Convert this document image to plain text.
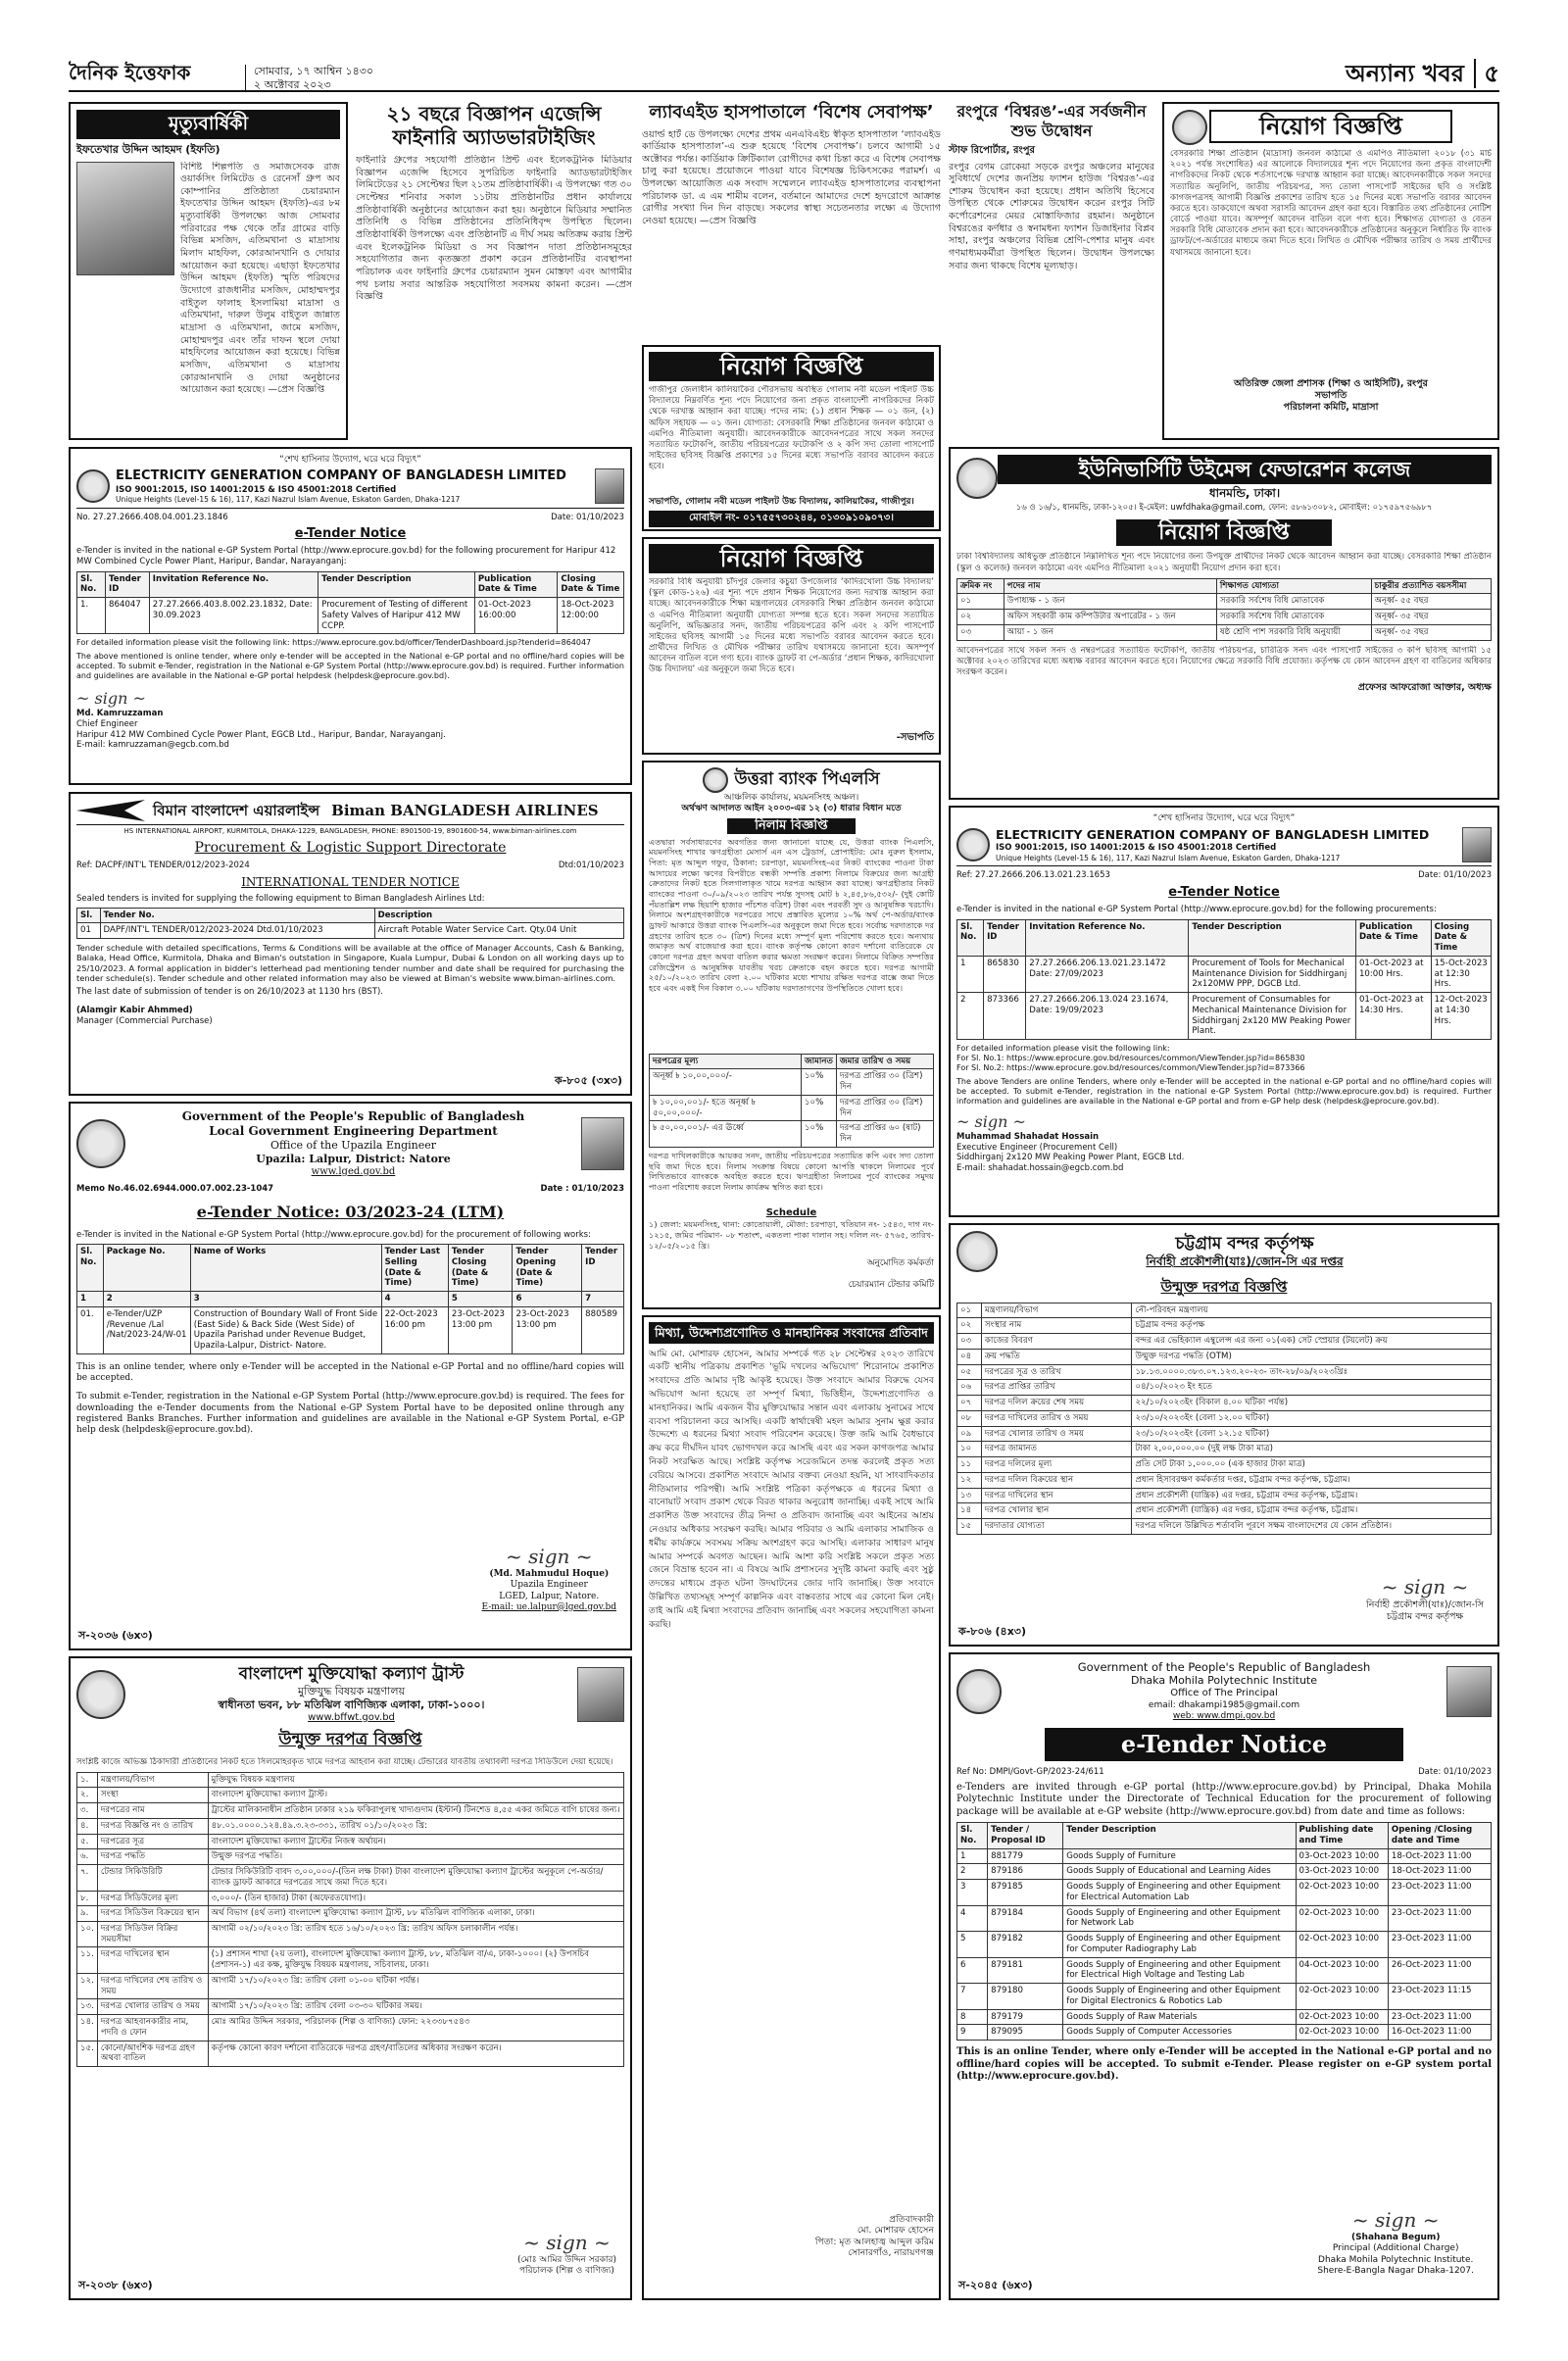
দৈনিক ইত্তেফাক	সোমবার, ১৭ আশ্বিন ১৪৩০
২ অক্টোবর ২০২৩	অন্যান্য খবর ৫
মৃত্যুবার্ষিকী
ইফতেখার উদ্দিন আহমদ (ইফতি)
বিশিষ্ট শিল্পপতি ও সমাজসেবক রাজ ওয়ার্কসিং লিমিটেড ও রেনেসাঁ গ্রুপ অব কোম্পানির প্রতিষ্ঠাতা চেয়ারম্যান ইফতেখার উদ্দিন আহমদ (ইফতি)-এর ৮ম মৃত্যুবার্ষিকী উপলক্ষ্যে আজ সোমবার পরিবারের পক্ষ থেকে তাঁর গ্রামের বাড়ি বিভিন্ন মসজিদ, এতিমখানা ও মাদ্রাসায় মিলাদ মাহফিল, কোরআনখানি ও দোয়ার আয়োজন করা হয়েছে। এছাড়া ইফতেখার উদ্দিন আহমদ (ইফতি) স্মৃতি পরিষদের উদ্যোগে রাজধানীর মসজিদ, মোহাম্মদপুর বাইতুল ফালাহ ইসলামিয়া মাদ্রাসা ও এতিমখানা, দারুল উলুম বাইতুল জান্নাত মাদ্রাসা ও এতিমখানা, জামে মসজিদ, মোহাম্মদপুর এবং তাঁর দাফন স্থলে দোয়া মাহফিলের আয়োজন করা হয়েছে। বিভিন্ন মসজিদ, এতিমখানা ও মাদ্রাসায় কোরআনখানি ও দোয়া অনুষ্ঠানের আয়োজন করা হয়েছে। —প্রেস বিজ্ঞপ্তি
২১ বছরে বিজ্ঞাপন এজেন্সি ফাইনারি অ্যাডভারটাইজিং
ফাইনারি গ্রুপের সহযোগী প্রতিষ্ঠান প্রিন্ট এবং ইলেকট্রনিক মিডিয়ার বিজ্ঞাপন এজেন্সি হিসেবে সুপরিচিত ফাইনারি অ্যাডভারটাইজিং লিমিটেডের ২১ সেপ্টেম্বর ছিল ২১তম প্রতিষ্ঠাবার্ষিকী। এ উপলক্ষ্যে গত ৩০ সেপ্টেম্বর শনিবার সকাল ১১টায় প্রতিষ্ঠানটির প্রধান কার্যালয়ে প্রতিষ্ঠাবার্ষিকী অনুষ্ঠানের আয়োজন করা হয়। অনুষ্ঠানে মিডিয়ার সম্মানিত প্রতিনিধি ও বিভিন্ন প্রতিষ্ঠানের প্রতিনিধিবৃন্দ উপস্থিত ছিলেন। প্রতিষ্ঠাবার্ষিকী উপলক্ষ্যে এবং প্রতিষ্ঠানটি এ দীর্ঘ সময় অতিক্রম করায় প্রিন্ট এবং ইলেকট্রনিক মিডিয়া ও সব বিজ্ঞাপন দাতা প্রতিষ্ঠানসমূহের সহযোগিতার জন্য কৃতজ্ঞতা প্রকাশ করেন প্রতিষ্ঠানটির ব্যবস্থাপনা পরিচালক এবং ফাইনারি গ্রুপের চেয়ারম্যান সুমন মোস্তফা এবং আগামীর পথ চলায় সবার আন্তরিক সহযোগিতা সবসময় কামনা করেন। —প্রেস বিজ্ঞপ্তি
ল্যাবএইড হাসপাতালে ‘বিশেষ সেবাপক্ষ’
ওয়ার্ল্ড হার্ট ডে উপলক্ষ্যে দেশের প্রথম এনএবিএইচ স্বীকৃত হাসপাতাল ‘ল্যাবএইড কার্ডিয়াক হাসপাতাল’-এ শুরু হয়েছে ‘বিশেষ সেবাপক্ষ’। চলবে আগামী ১৫ অক্টোবর পর্যন্ত। কার্ডিয়াক ক্রিটিক্যাল রোগীদের কথা চিন্তা করে এ বিশেষ সেবাপক্ষ চালু করা হয়েছে। প্রয়োজনে পাওয়া যাবে বিশেষজ্ঞ চিকিৎসকের পরামর্শ। এ উপলক্ষ্যে আয়োজিত এক সংবাদ সম্মেলনে ল্যাবএইড হাসপাতালের ব্যবস্থাপনা পরিচালক ডা. এ এম শামীম বলেন, বর্তমানে আমাদের দেশে হৃদরোগে আক্রান্ত রোগীর সংখ্যা দিন দিন বাড়ছে। সকলের স্বাস্থ্য সচেতনতার লক্ষ্যে এ উদ্যোগ নেওয়া হয়েছে। —প্রেস বিজ্ঞপ্তি
রংপুরে ‘বিশ্বরঙ’-এর সর্বজনীন শুভ উদ্বোধন
স্টাফ রিপোর্টার, রংপুর
রংপুর বেগম রোকেয়া সড়কে রংপুর অঞ্চলের মানুষের সুবিধার্থে দেশের জনপ্রিয় ফ্যাশন হাউজ ‘বিশ্বরঙ’-এর শোরুম উদ্বোধন করা হয়েছে। প্রধান অতিথি হিসেবে উপস্থিত থেকে শোরুমের উদ্বোধন করেন রংপুর সিটি কর্পোরেশনের মেয়র মোস্তাফিজার রহমান। অনুষ্ঠানে বিশ্বরঙের কর্ণধার ও স্বনামধন্য ফ্যাশন ডিজাইনার বিপ্লব সাহা, রংপুর অঞ্চলের বিভিন্ন শ্রেণি-পেশার মানুষ এবং গণমাধ্যমকর্মীরা উপস্থিত ছিলেন। উদ্বোধন উপলক্ষ্যে সবার জন্য থাকছে বিশেষ মূল্যছাড়।
নিয়োগ বিজ্ঞপ্তি
বেসরকারি শিক্ষা প্রতিষ্ঠান (মাদ্রাসা) জনবল কাঠামো ও এমপিও নীতিমালা ২০১৮ (৩১ মার্চ ২০২১ পর্যন্ত সংশোধিত) এর আলোকে বিদ্যালয়ের শূন্য পদে নিয়োগের জন্য প্রকৃত বাংলাদেশী নাগরিকদের নিকট থেকে শর্তসাপেক্ষে দরখাস্ত আহ্বান করা যাচ্ছে। আবেদনকারীকে সকল সনদের সত্যায়িত অনুলিপি, জাতীয় পরিচয়পত্র, সদ্য তোলা পাসপোর্ট সাইজের ছবি ও সংশ্লিষ্ট কাগজপত্রসহ আগামী বিজ্ঞপ্তি প্রকাশের তারিখ হতে ১৫ দিনের মধ্যে সভাপতি বরাবর আবেদন করতে হবে। ডাকযোগে অথবা সরাসরি আবেদন গ্রহণ করা হবে। বিস্তারিত তথ্য প্রতিষ্ঠানের নোটিশ বোর্ডে পাওয়া যাবে। অসম্পূর্ণ আবেদন বাতিল বলে গণ্য হবে। শিক্ষাগত যোগ্যতা ও বেতন সরকারি বিধি মোতাবেক প্রদান করা হবে। আবেদনকারীকে প্রতিষ্ঠানের অনুকূলে নির্ধারিত ফি ব্যাংক ড্রাফট/পে-অর্ডারের মাধ্যমে জমা দিতে হবে। লিখিত ও মৌখিক পরীক্ষার তারিখ ও সময় প্রার্থীদের যথাসময়ে জানানো হবে।
অতিরিক্ত জেলা প্রশাসক (শিক্ষা ও আইসিটি), রংপুর
সভাপতি
পরিচালনা কমিটি, মাদ্রাসা
নিয়োগ বিজ্ঞপ্তি
গাজীপুর জেলাধীন কালিয়াকৈর পৌরসভায় অবস্থিত গোলাম নবী মডেল পাইলট উচ্চ বিদ্যালয়ে নিম্নবর্ণিত শূন্য পদে নিয়োগের জন্য প্রকৃত বাংলাদেশী নাগরিকদের নিকট থেকে দরখাস্ত আহ্বান করা যাচ্ছে। পদের নাম: (১) প্রধান শিক্ষক — ০১ জন, (২) অফিস সহায়ক — ০১ জন। যোগ্যতা: বেসরকারি শিক্ষা প্রতিষ্ঠানের জনবল কাঠামো ও এমপিও নীতিমালা অনুযায়ী। আবেদনকারীকে আবেদনপত্রের সাথে সকল সনদের সত্যায়িত ফটোকপি, জাতীয় পরিচয়পত্রের ফটোকপি ও ২ কপি সদ্য তোলা পাসপোর্ট সাইজের ছবিসহ বিজ্ঞপ্তি প্রকাশের ১৫ দিনের মধ্যে সভাপতি বরাবর আবেদন করতে হবে।
সভাপতি, গোলাম নবী মডেল পাইলট উচ্চ বিদ্যালয়, কালিয়াকৈর, গাজীপুর।
মোবাইল নং- ০১৭৫৫৭৩০২৪৪, ০১৩০৯১০৯০৭৩।
“শেখ হাসিনার উদ্যোগ, ঘরে ঘরে বিদ্যুৎ”
ELECTRICITY GENERATION COMPANY OF BANGLADESH LIMITED
ISO 9001:2015, ISO 14001:2015 & ISO 45001:2018 Certified
Unique Heights (Level-15 & 16), 117, Kazi Nazrul Islam Avenue, Eskaton Garden, Dhaka-1217
No. 27.27.2666.408.04.001.23.1846	Date: 01/10/2023
e-Tender Notice
e-Tender is invited in the national e-GP System Portal (http://www.eprocure.gov.bd) for the following procurement for Haripur 412 MW Combined Cycle Power Plant, Haripur, Bandar, Narayanganj:
Sl. No.	Tender ID	Invitation Reference No.	Tender Description	Publication Date & Time	Closing Date & Time
1.	864047	27.27.2666.403.8.002.23.1832, Date: 30.09.2023	Procurement of Testing of different Safety Valves of Haripur 412 MW CCPP.	01-Oct-2023 16:00:00	18-Oct-2023 12:00:00
For detailed information please visit the following link: https://www.eprocure.gov.bd/officer/TenderDashboard.jsp?tenderid=864047
The above mentioned is online tender, where only e-tender will be accepted in the National e-GP portal and no offline/hard copies will be accepted. To submit e-Tender, registration in the National e-GP System Portal (http://www.eprocure.gov.bd) is required. Further information and guidelines are available in the National e-GP portal helpdesk (helpdesk@eprocure.gov.bd).
~ sign ~
Md. Kamruzzaman
Chief Engineer
Haripur 412 MW Combined Cycle Power Plant, EGCB Ltd., Haripur, Bandar, Narayanganj.
E-mail: kamruzzaman@egcb.com.bd
নিয়োগ বিজ্ঞপ্তি
সরকারি বিধি অনুযায়ী চাঁদপুর জেলার কচুয়া উপজেলার ‘কাদিরখোলা উচ্চ বিদ্যালয়’ (স্কুল কোড-১২৬) এর শূন্য পদে প্রধান শিক্ষক নিয়োগের জন্য দরখাস্ত আহ্বান করা যাচ্ছে। আবেদনকারীকে শিক্ষা মন্ত্রণালয়ের বেসরকারি শিক্ষা প্রতিষ্ঠান জনবল কাঠামো ও এমপিও নীতিমালা অনুযায়ী যোগ্যতা সম্পন্ন হতে হবে। সকল সনদের সত্যায়িত অনুলিপি, অভিজ্ঞতার সনদ, জাতীয় পরিচয়পত্রের কপি এবং ২ কপি পাসপোর্ট সাইজের ছবিসহ আগামী ১৫ দিনের মধ্যে সভাপতি বরাবর আবেদন করতে হবে। প্রার্থীদের লিখিত ও মৌখিক পরীক্ষার তারিখ যথাসময়ে জানানো হবে। অসম্পূর্ণ আবেদন বাতিল বলে গণ্য হবে। ব্যাংক ড্রাফট বা পে-অর্ডার ‘প্রধান শিক্ষক, কাদিরখোলা উচ্চ বিদ্যালয়’ এর অনুকূলে জমা দিতে হবে।
-সভাপতি
ইউনিভার্সিটি উইমেন্স ফেডারেশন কলেজ
ধানমন্ডি, ঢাকা।
১৬ ও ১৬/১, ধানমন্ডি, ঢাকা-১২০৫। ই-মেইল: uwfdhaka@gmail.com, ফোন: ৫৮৬১৩০৮২, মোবাইল: ০১৭৫৯৭৫৬৯৮৭
নিয়োগ বিজ্ঞপ্তি
ঢাকা বিশ্ববিদ্যালয় অধিভুক্ত প্রতিষ্ঠানে নিম্নলিখিত শূন্য পদে নিয়োগের জন্য উপযুক্ত প্রার্থীদের নিকট থেকে আবেদন আহ্বান করা যাচ্ছে। বেসরকারি শিক্ষা প্রতিষ্ঠান (স্কুল ও কলেজ) জনবল কাঠামো এবং এমপিও নীতিমালা ২০২১ অনুযায়ী নিয়োগ প্রদান করা হবে।
ক্রমিক নং	পদের নাম	শিক্ষাগত যোগ্যতা	চাকুরীর প্রত্যাশিত বয়সসীমা
০১	উপাধ্যক্ষ - ১ জন	সরকারি সর্বশেষ বিধি মোতাবেক	অনূর্ধ্ব- ৫৫ বছর
০২	অফিস সহকারী কাম কম্পিউটার অপারেটর - ১ জন	সরকারি সর্বশেষ বিধি মোতাবেক	অনূর্ধ্ব- ৩৫ বছর
০৩	আয়া - ১ জন	ষষ্ঠ শ্রেণি পাশ সরকারি বিধি অনুযায়ী	অনূর্ধ্ব- ৩৫ বছর
আবেদনপত্রের সাথে সকল সনদ ও নম্বরপত্রের সত্যায়িত ফটোকপি, জাতীয় পরিচয়পত্র, চারিত্রিক সনদ এবং পাসপোর্ট সাইজের ৩ কপি ছবিসহ আগামী ১৫ অক্টোবর ২০২৩ তারিখের মধ্যে অধ্যক্ষ বরাবর আবেদন করতে হবে। নিয়োগের ক্ষেত্রে সরকারি বিধি প্রযোজ্য। কর্তৃপক্ষ যে কোন আবেদন গ্রহণ বা বাতিলের অধিকার সংরক্ষণ করেন।
প্রফেসর আফরোজা আক্তার, অধ্যক্ষ
বিমান বাংলাদেশ এয়ারলাইন্স Biman BANGLADESH AIRLINES
HS INTERNATIONAL AIRPORT, KURMITOLA, DHAKA-1229, BANGLADESH, PHONE: 8901500-19, 8901600-54, www.biman-airlines.com
Procurement & Logistic Support Directorate
Ref: DACPF/INT'L TENDER/012/2023-2024	Dtd:01/10/2023
INTERNATIONAL TENDER NOTICE
Sealed tenders is invited for supplying the following equipment to Biman Bangladesh Airlines Ltd:
Sl.	Tender No.	Description
01	DAPF/INT'L TENDER/012/2023-2024 Dtd.01/10/2023	Aircraft Potable Water Service Cart. Qty.04 Unit
Tender schedule with detailed specifications, Terms & Conditions will be available at the office of Manager Accounts, Cash & Banking, Balaka, Head Office, Kurmitola, Dhaka and Biman's outstation in Singapore, Kuala Lumpur, Dubai & London on all working days up to 25/10/2023. A formal application in bidder's letterhead pad mentioning tender number and date shall be required for purchasing the tender schedule(s). Tender schedule and other related information may also be viewed at Biman's website www.biman-airlines.com.
The last date of submission of tender is on 26/10/2023 at 1130 hrs (BST).
(Alamgir Kabir Ahmmed)
Manager (Commercial Purchase)
ক-৮০৫ (৩x৩)
উত্তরা ব্যাংক পিএলসি
আঞ্চলিক কার্যালয়, ময়মনসিংহ অঞ্চল।
অর্থঋণ আদালত আইন ২০০৩-এর ১২ (৩) ধারার বিধান মতে
নিলাম বিজ্ঞপ্তি
এতদ্বারা সর্বসাধারণের অবগতির জন্য জানানো যাচ্ছে যে, উত্তরা ব্যাংক পিএলসি, ময়মনসিংহ শাখার ঋণগ্রহীতা মেসার্স এন এস ট্রেডার্স, প্রোপাইটর: মোঃ নুরুল ইসলাম, পিতা: মৃত আব্দুল গফুর, ঠিকানা: চরপাড়া, ময়মনসিংহ-এর নিকট ব্যাংকের পাওনা টাকা আদায়ের লক্ষ্যে ঋণের বিপরীতে বন্ধকী সম্পত্তি প্রকাশ্য নিলামে বিক্রয়ের জন্য আগ্রহী ক্রেতাদের নিকট হতে সিলগালাকৃত খামে দরপত্র আহ্বান করা যাচ্ছে। ঋণগ্রহীতার নিকট ব্যাংকের পাওনা ৩০/০৯/২০২৩ তারিখ পর্যন্ত সুদসহ মোট ৳ ২,৪৫,৮৬,৫৩২/- (দুই কোটি পঁয়তাল্লিশ লক্ষ ছিয়াশি হাজার পাঁচশত বত্রিশ) টাকা এবং পরবর্তী সুদ ও আনুষঙ্গিক খরচাদি। নিলামে অংশগ্রহণকারীকে দরপত্রের সাথে প্রস্তাবিত মূল্যের ১০% অর্থ পে-অর্ডার/ব্যাংক ড্রাফট আকারে উত্তরা ব্যাংক পিএলসি-এর অনুকূলে জমা দিতে হবে। সর্বোচ্চ দরদাতাকে দর গ্রহণের তারিখ হতে ৩০ (ত্রিশ) দিনের মধ্যে সম্পূর্ণ মূল্য পরিশোধ করতে হবে। অন্যথায় জমাকৃত অর্থ বাজেয়াপ্ত করা হবে। ব্যাংক কর্তৃপক্ষ কোনো কারণ দর্শানো ব্যতিরেকে যে কোনো দরপত্র গ্রহণ অথবা বাতিল করার ক্ষমতা সংরক্ষণ করেন। নিলামে বিক্রিত সম্পত্তির রেজিস্ট্রেশন ও আনুষঙ্গিক যাবতীয় খরচ ক্রেতাকে বহন করতে হবে। দরপত্র আগামী ২৫/১০/২০২৩ তারিখ বেলা ২.০০ ঘটিকার মধ্যে শাখায় রক্ষিত দরপত্র বাক্সে জমা দিতে হবে এবং একই দিন বিকাল ৩.০০ ঘটিকায় দরদাতাগণের উপস্থিতিতে খোলা হবে।
দরপত্রের মূল্য	জামানত	জমার তারিখ ও সময়
অনূর্ধ্ব ৳ ১০,০০,০০০/-	১০%	দরপত্র প্রাপ্তির ৩০ (ত্রিশ) দিন
৳ ১০,০০,০০১/- হতে অনূর্ধ্ব ৳ ৫০,০০,০০০/-	১০%	দরপত্র প্রাপ্তির ৩০ (ত্রিশ) দিন
৳ ৫০,০০,০০১/- এর ঊর্ধ্বে	১০%	দরপত্র প্রাপ্তির ৬০ (ষাট) দিন
দরপত্র দাখিলকারীকে আয়কর সনদ, জাতীয় পরিচয়পত্রের সত্যায়িত কপি এবং সদ্য তোলা ছবি জমা দিতে হবে। নিলাম সংক্রান্ত বিষয়ে কোনো আপত্তি থাকলে নিলামের পূর্বে লিখিতভাবে ব্যাংককে অবহিত করতে হবে। ঋণগ্রহীতা নিলামের পূর্বে ব্যাংকের সমুদয় পাওনা পরিশোধ করলে নিলাম কার্যক্রম স্থগিত করা হবে।
Schedule
১) জেলা: ময়মনসিংহ, থানা: কোতোয়ালী, মৌজা: চরপাড়া, খতিয়ান নং- ১৫৪৩, দাগ নং- ১২১৫, জমির পরিমাণ- ০৮ শতাংশ, একতলা পাকা দালান সহ। দলিল নং- ৫৭৬৫, তারিখ- ১২/০৫/২০১৫ খ্রি।
অনুমোদিত কর্মকর্তা
চেয়ারম্যান টেন্ডার কমিটি
“শেখ হাসিনার উদ্যোগ, ঘরে ঘরে বিদ্যুৎ”
ELECTRICITY GENERATION COMPANY OF BANGLADESH LIMITED
ISO 9001:2015, ISO 14001:2015 & ISO 45001:2018 Certified
Unique Heights (Level-15 & 16), 117, Kazi Nazrul Islam Avenue, Eskaton Garden, Dhaka-1217
Ref: 27.27.2666.206.13.021.23.1653	Date: 01/10/2023
e-Tender Notice
e-Tender is invited in the national e-GP System Portal (http://www.eprocure.gov.bd) for the following procurements:
Sl. No.	Tender ID	Invitation Reference No.	Tender Description	Publication Date & Time	Closing Date & Time
1	865830	27.27.2666.206.13.021.23.1472 Date: 27/09/2023	Procurement of Tools for Mechanical Maintenance Division for Siddhirganj 2x120MW PPP, DGCB Ltd.	01-Oct-2023 at 10:00 Hrs.	15-Oct-2023 at 12:30 Hrs.
2	873366	27.27.2666.206.13.024 23.1674, Date: 19/09/2023	Procurement of Consumables for Mechanical Maintenance Division for Siddhirganj 2x120 MW Peaking Power Plant.	01-Oct-2023 at 14:30 Hrs.	12-Oct-2023 at 14:30 Hrs.
For detailed information please visit the following link:
For Sl. No.1: https://www.eprocure.gov.bd/resources/common/ViewTender.jsp?id=865830
For Sl. No.2: https://www.eprocure.gov.bd/resources/common/ViewTender.jsp?id=873366
The above Tenders are online Tenders, where only e-Tender will be accepted in the national e-GP portal and no offline/hard copies will be accepted. To submit e-Tender, registration in the national e-GP System Portal (http://www.eprocure.gov.bd) is required. Further information and guidelines are available in the National e-GP portal and from e-GP help desk (helpdesk@eprocure.gov.bd).
~ sign ~
Muhammad Shahadat Hossain
Executive Engineer (Procurement Cell)
Siddhirganj 2x120 MW Peaking Power Plant, EGCB Ltd.
E-mail: shahadat.hossain@egcb.com.bd
Government of the People's Republic of Bangladesh
Local Government Engineering Department
Office of the Upazila Engineer
Upazila: Lalpur, District: Natore
www.lged.gov.bd
Memo No.46.02.6944.000.07.002.23-1047	Date : 01/10/2023
e-Tender Notice: 03/2023-24 (LTM)
e-Tender is invited in the National e-GP System Portal (http://www.eprocure.gov.bd) for the procurement of following works:
Sl. No.	Package No.	Name of Works	Tender Last Selling (Date & Time)	Tender Closing (Date & Time)	Tender Opening (Date & Time)	Tender ID
1	2	3	4	5	6	7
01.	e-Tender/UZP /Revenue /Lal /Nat/2023-24/W-01	Construction of Boundary Wall of Front Side (East Side) & Back Side (West Side) of Upazila Parishad under Revenue Budget, Upazila-Lalpur, District- Natore.	22-Oct-2023 16:00 pm	23-Oct-2023 13:00 pm	23-Oct-2023 13:00 pm	880589
This is an online tender, where only e-Tender will be accepted in the National e-GP Portal and no offline/hard copies will be accepted.
To submit e-Tender, registration in the National e-GP System Portal (http://www.eprocure.gov.bd) is required. The fees for downloading the e-Tender documents from the National e-GP System Portal have to be deposited online through any registered Banks Branches. Further information and guidelines are available in the National e-GP System Portal, e-GP help desk (helpdesk@eprocure.gov.bd).
~ sign ~
(Md. Mahmudul Hoque)
Upazila Engineer
LGED, Lalpur, Natore.
E-mail: ue.lalpur@lged.gov.bd
স-২০৩৬ (৬x৩)
চট্টগ্রাম বন্দর কর্তৃপক্ষ
নির্বাহী প্রকৌশলী(যাঃ)/জোন-সি এর দপ্তর
উন্মুক্ত দরপত্র বিজ্ঞপ্তি
০১	মন্ত্রণালয়/বিভাগ	নৌ-পরিবহন মন্ত্রণালয়
০২	সংস্থার নাম	চট্টগ্রাম বন্দর কর্তৃপক্ষ
০৩	কাজের বিবরণ	বন্দর এর ভেহিক্যাল এম্বুলেন্স এর জন্য ০১(এক) সেট স্প্রেয়ার (টয়লেট) ক্রয়
০৪	ক্রয় পদ্ধতি	উন্মুক্ত দরপত্র পদ্ধতি (OTM)
০৫	দরপত্রের সূত্র ও তারিখ	১৮.১৩.০০০০.৩৮৩.০৭.১২৩.২০-২৩- তাং-২৮/০৯/২০২৩খ্রিঃ
০৬	দরপত্র প্রাপ্তির তারিখ	০৪/১০/২০২৩ ইং হতে
০৭	দরপত্র দলিল ক্রয়ের শেষ সময়	২২/১০/২০২৩ইং (বিকাল ৪.০০ ঘটিকা পর্যন্ত)
০৮	দরপত্র দাখিলের তারিখ ও সময়	২৩/১০/২০২৩ইং (বেলা ১২.০০ ঘটিকা)
০৯	দরপত্র খোলার তারিখ ও সময়	২৩/১০/২০২৩ইং (বেলা ১২.১৫ ঘটিকা)
১০	দরপত্র জামানত	টাকা ২,০০,০০০.০০ (দুই লক্ষ টাকা মাত্র)
১১	দরপত্র দলিলের মূল্য	প্রতি সেট টাকা ১,০০০.০০ (এক হাজার টাকা মাত্র)
১২	দরপত্র দলিল বিক্রয়ের স্থান	প্রধান হিসাবরক্ষণ কর্মকর্তার দপ্তর, চট্টগ্রাম বন্দর কর্তৃপক্ষ, চট্টগ্রাম।
১৩	দরপত্র দাখিলের স্থান	প্রধান প্রকৌশলী (যান্ত্রিক) এর দপ্তর, চট্টগ্রাম বন্দর কর্তৃপক্ষ, চট্টগ্রাম।
১৪	দরপত্র খোলার স্থান	প্রধান প্রকৌশলী (যান্ত্রিক) এর দপ্তর, চট্টগ্রাম বন্দর কর্তৃপক্ষ, চট্টগ্রাম।
১৫	দরদাতার যোগ্যতা	দরপত্র দলিলে উল্লিখিত শর্তাবলি পূরণে সক্ষম বাংলাদেশের যে কোন প্রতিষ্ঠান।
~ sign ~
নির্বাহী প্রকৌশলী(যাঃ)/জোন-সি
চট্টগ্রাম বন্দর কর্তৃপক্ষ
ক-৮০৬ (৪x৩)
মিথ্যা, উদ্দেশ্যপ্রণোদিত ও মানহানিকর সংবাদের প্রতিবাদ
আমি মো. মোশারফ হোসেন, আমার সম্পর্কে গত ২৮ সেপ্টেম্বর ২০২৩ তারিখে একটি স্থানীয় পত্রিকায় প্রকাশিত ‘ভূমি দখলের অভিযোগ’ শিরোনামে প্রকাশিত সংবাদের প্রতি আমার দৃষ্টি আকৃষ্ট হয়েছে। উক্ত সংবাদে আমার বিরুদ্ধে যেসব অভিযোগ আনা হয়েছে তা সম্পূর্ণ মিথ্যা, ভিত্তিহীন, উদ্দেশ্যপ্রণোদিত ও মানহানিকর। আমি একজন বীর মুক্তিযোদ্ধার সন্তান এবং এলাকায় সুনামের সাথে ব্যবসা পরিচালনা করে আসছি। একটি স্বার্থান্বেষী মহল আমার সুনাম ক্ষুণ্ণ করার উদ্দেশ্যে এ ধরনের মিথ্যা সংবাদ পরিবেশন করেছে। উক্ত জমি আমি বৈধভাবে ক্রয় করে দীর্ঘদিন যাবৎ ভোগদখল করে আসছি এবং এর সকল কাগজপত্র আমার নিকট সংরক্ষিত আছে। সংশ্লিষ্ট কর্তৃপক্ষ সরেজমিনে তদন্ত করলেই প্রকৃত সত্য বেরিয়ে আসবে। প্রকাশিত সংবাদে আমার বক্তব্য নেওয়া হয়নি, যা সাংবাদিকতার নীতিমালার পরিপন্থী। আমি সংশ্লিষ্ট পত্রিকা কর্তৃপক্ষকে এ ধরনের মিথ্যা ও বানোয়াট সংবাদ প্রকাশ থেকে বিরত থাকার অনুরোধ জানাচ্ছি। একই সাথে আমি প্রকাশিত উক্ত সংবাদের তীব্র নিন্দা ও প্রতিবাদ জানাচ্ছি এবং আইনের আশ্রয় নেওয়ার অধিকার সংরক্ষণ করছি। আমার পরিবার ও আমি এলাকার সামাজিক ও ধর্মীয় কার্যক্রমে সবসময় সক্রিয় অংশগ্রহণ করে আসছি। এলাকার সাধারণ মানুষ আমার সম্পর্কে অবগত আছেন। আমি আশা করি সংশ্লিষ্ট সকলে প্রকৃত সত্য জেনে বিভ্রান্ত হবেন না। এ বিষয়ে আমি প্রশাসনের সুদৃষ্টি কামনা করছি এবং সুষ্ঠু তদন্তের মাধ্যমে প্রকৃত ঘটনা উদঘাটনের জোর দাবি জানাচ্ছি। উক্ত সংবাদে উল্লিখিত তথ্যসমূহ সম্পূর্ণ কাল্পনিক এবং বাস্তবতার সাথে এর কোনো মিল নেই। তাই আমি এই মিথ্যা সংবাদের প্রতিবাদ জানাচ্ছি এবং সকলের সহযোগিতা কামনা করছি।
প্রতিবাদকারী
মো. মোশারফ হোসেন
পিতা: মৃত আলহাজ্ব আব্দুল করিম
সোনারগাঁও, নারায়ণগঞ্জ
বাংলাদেশ মুক্তিযোদ্ধা কল্যাণ ট্রাস্ট
মুক্তিযুদ্ধ বিষয়ক মন্ত্রণালয়
স্বাধীনতা ভবন, ৮৮ মতিঝিল বাণিজ্যিক এলাকা, ঢাকা-১০০০।
www.bffwt.gov.bd
উন্মুক্ত দরপত্র বিজ্ঞপ্তি
সংশ্লিষ্ট কাজে অভিজ্ঞ ঠিকাদারী প্রতিষ্ঠানের নিকট হতে সিলমোহরকৃত খামে দরপত্র আহবান করা যাচ্ছে। টেন্ডারের যাবতীয় তথ্যাবলী দরপত্র সিডিউলে দেয়া হয়েছে।
১.	মন্ত্রণালয়/বিভাগ	মুক্তিযুদ্ধ বিষয়ক মন্ত্রণালয়
২.	সংস্থা	বাংলাদেশ মুক্তিযোদ্ধা কল্যাণ ট্রাস্ট।
৩.	দরপত্রের নাম	ট্রাস্টের মালিকানাধীন প্রতিষ্ঠান ঢাকার ২১৯ ফকিরাপুলস্থ খাদ্যগুদাম (ইস্টার্ন) টিনশেড ৪,৫৫ একর জমিতে বাগি চাষের জন্য।
৪.	দরপত্র বিজ্ঞপ্তি নং ও তারিখ	৪৮.০১.০০০০.১২৪.৪৯.৩.২৩-৩৩১, তারিখ ০১/১০/২০২৩ খ্রি:
৫.	দরপত্রের সূত্র	বাংলাদেশ মুক্তিযোদ্ধা কল্যাণ ট্রাস্টের নিজস্ব অর্থায়ন।
৬.	দরপত্র পদ্ধতি	উন্মুক্ত দরপত্র পদ্ধতি।
৭.	টেন্ডার সিকিউরিটি	টেন্ডার সিকিউরিটি বাবদ ৩,০০,০০০/-(তিন লক্ষ টাকা) টাকা বাংলাদেশ মুক্তিযোদ্ধা কল্যাণ ট্রাস্টের অনুকূলে পে-অর্ডার/ব্যাংক ড্রাফট আকারে দরপত্রের সাথে জমা দিতে হবে।
৮.	দরপত্র সিডিউলের মূল্য	৩,০০০/- (তিন হাজার) টাকা (অফেরতযোগ্য)।
৯.	দরপত্র সিডিউল বিক্রয়ের স্থান	অর্থ বিভাগ (৪র্থ তলা) বাংলাদেশ মুক্তিযোদ্ধা কল্যাণ ট্রাস্ট, ৮৮ মতিঝিল বাণিজ্যিক এলাকা, ঢাকা।
১০.	দরপত্র সিডিউল বিক্রির সময়সীমা	আগামী ০২/১০/২০২৩ খ্রি: তারিখ হতে ১৬/১০/২০২৩ খ্রি: তারিখ অফিস চলাকালীন পর্যন্ত।
১১.	দরপত্র দাখিলের স্থান	(১) প্রশাসন শাখা (২য় তলা), বাংলাদেশ মুক্তিযোদ্ধা কল্যাণ ট্রাস্ট, ৮৮, মতিঝিল বা/এ, ঢাকা-১০০০। (২) উপসচিব (প্রশাসন-১) এর কক্ষ, মুক্তিযুদ্ধ বিষয়ক মন্ত্রণালয়, সচিবালয়, ঢাকা।
১২.	দরপত্র দাখিলের শেষ তারিখ ও সময়	আগামী ১৭/১০/২০২৩ খ্রি: তারিখ বেলা ০১-০০ ঘটিকা পর্যন্ত।
১৩.	দরপত্র খোলার তারিখ ও সময়	আগামী ১৭/১০/২০২৩ খ্রি: তারিখ বেলা ০৩-৩০ ঘটিকার সময়।
১৪.	দরপত্র আহবানকারীর নাম, পদবি ও ফোন	মোঃ আমির উদ্দিন সরকার, পরিচালক (শিল্প ও বাণিজ্য) ফোন: ২২৩৩৮৭৫৪৩
১৫.	কোনো/আংশিক দরপত্র গ্রহণ অথবা বাতিল	কর্তৃপক্ষ কোনো কারণ দর্শানো ব্যতিরেকে দরপত্র গ্রহণ/বাতিলের অধিকার সংরক্ষণ করেন।
~ sign ~
(মোঃ আমির উদ্দিন সরকার)
পরিচালক (শিল্প ও বাণিজ্য)
স-২০৩৮ (৬x৩)
Government of the People's Republic of Bangladesh
Dhaka Mohila Polytechnic Institute
Office of The Principal
email: dhakampi1985@gmail.com
web: www.dmpi.gov.bd
e-Tender Notice
Ref No: DMPI/Govt-GP/2023-24/611	Date: 01/10/2023
e-Tenders are invited through e-GP portal (http://www.eprocure.gov.bd) by Principal, Dhaka Mohila Polytechnic Institute under the Directorate of Technical Education for the procurement of following package will be available at e-GP website (http://www.eprocure.gov.bd) from date and time as follows:
Sl. No.	Tender / Proposal ID	Tender Description	Publishing date and Time	Opening /Closing date and Time
1	881779	Goods Supply of Furniture	03-Oct-2023 10:00	18-Oct-2023 11:00
2	879186	Goods Supply of Educational and Learning Aides	03-Oct-2023 10:00	18-Oct-2023 11:00
3	879185	Goods Supply of Engineering and other Equipment for Electrical Automation Lab	02-Oct-2023 10:00	23-Oct-2023 11:00
4	879184	Goods Supply of Engineering and other Equipment for Network Lab	02-Oct-2023 10:00	23-Oct-2023 11:00
5	879182	Goods Supply of Engineering and other Equipment for Computer Radiography Lab	02-Oct-2023 10:00	23-Oct-2023 11:00
6	879181	Goods Supply of Engineering and other Equipment for Electrical High Voltage and Testing Lab	04-Oct-2023 10:00	26-Oct-2023 11:00
7	879180	Goods Supply of Engineering and other Equipment for Digital Electronics & Robotics Lab	02-Oct-2023 10:00	23-Oct-2023 11:15
8	879179	Goods Supply of Raw Materials	02-Oct-2023 10:00	23-Oct-2023 11:00
9	879095	Goods Supply of Computer Accessories	02-Oct-2023 10:00	16-Oct-2023 11:00
This is an online Tender, where only e-Tender will be accepted in the National e-GP portal and no offline/hard copies will be accepted. To submit e-Tender. Please register on e-GP system portal (http://www.eprocure.gov.bd).
~ sign ~
(Shahana Begum)
Principal (Additional Charge)
Dhaka Mohila Polytechnic Institute.
Shere-E-Bangla Nagar Dhaka-1207.
স-২০৪৫ (৬x৩)
